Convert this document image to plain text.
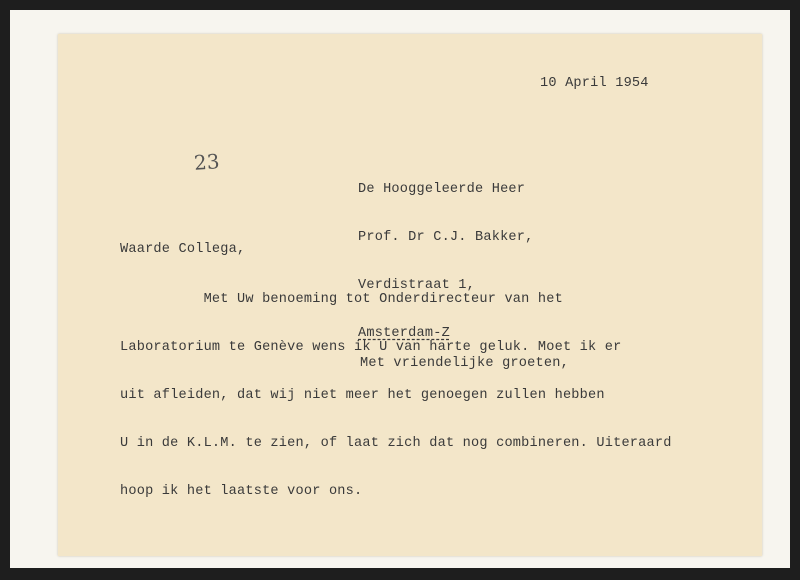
10 April 1954
23

De Hooggeleerde Heer

Prof. Dr C.J. Bakker,

Verdistraat 1,

Amsterdam-Z

Waarde Collega,

Met Uw benoeming tot Onderdirecteur van het

Laboratorium te Genève wens ik U van harte geluk. Moet ik er

uit afleiden, dat wij niet meer het genoegen zullen hebben

U in de K.L.M. te zien, of laat zich dat nog combineren. Uiteraard

hoop ik het laatste voor ons.

Met vriendelijke groeten,
